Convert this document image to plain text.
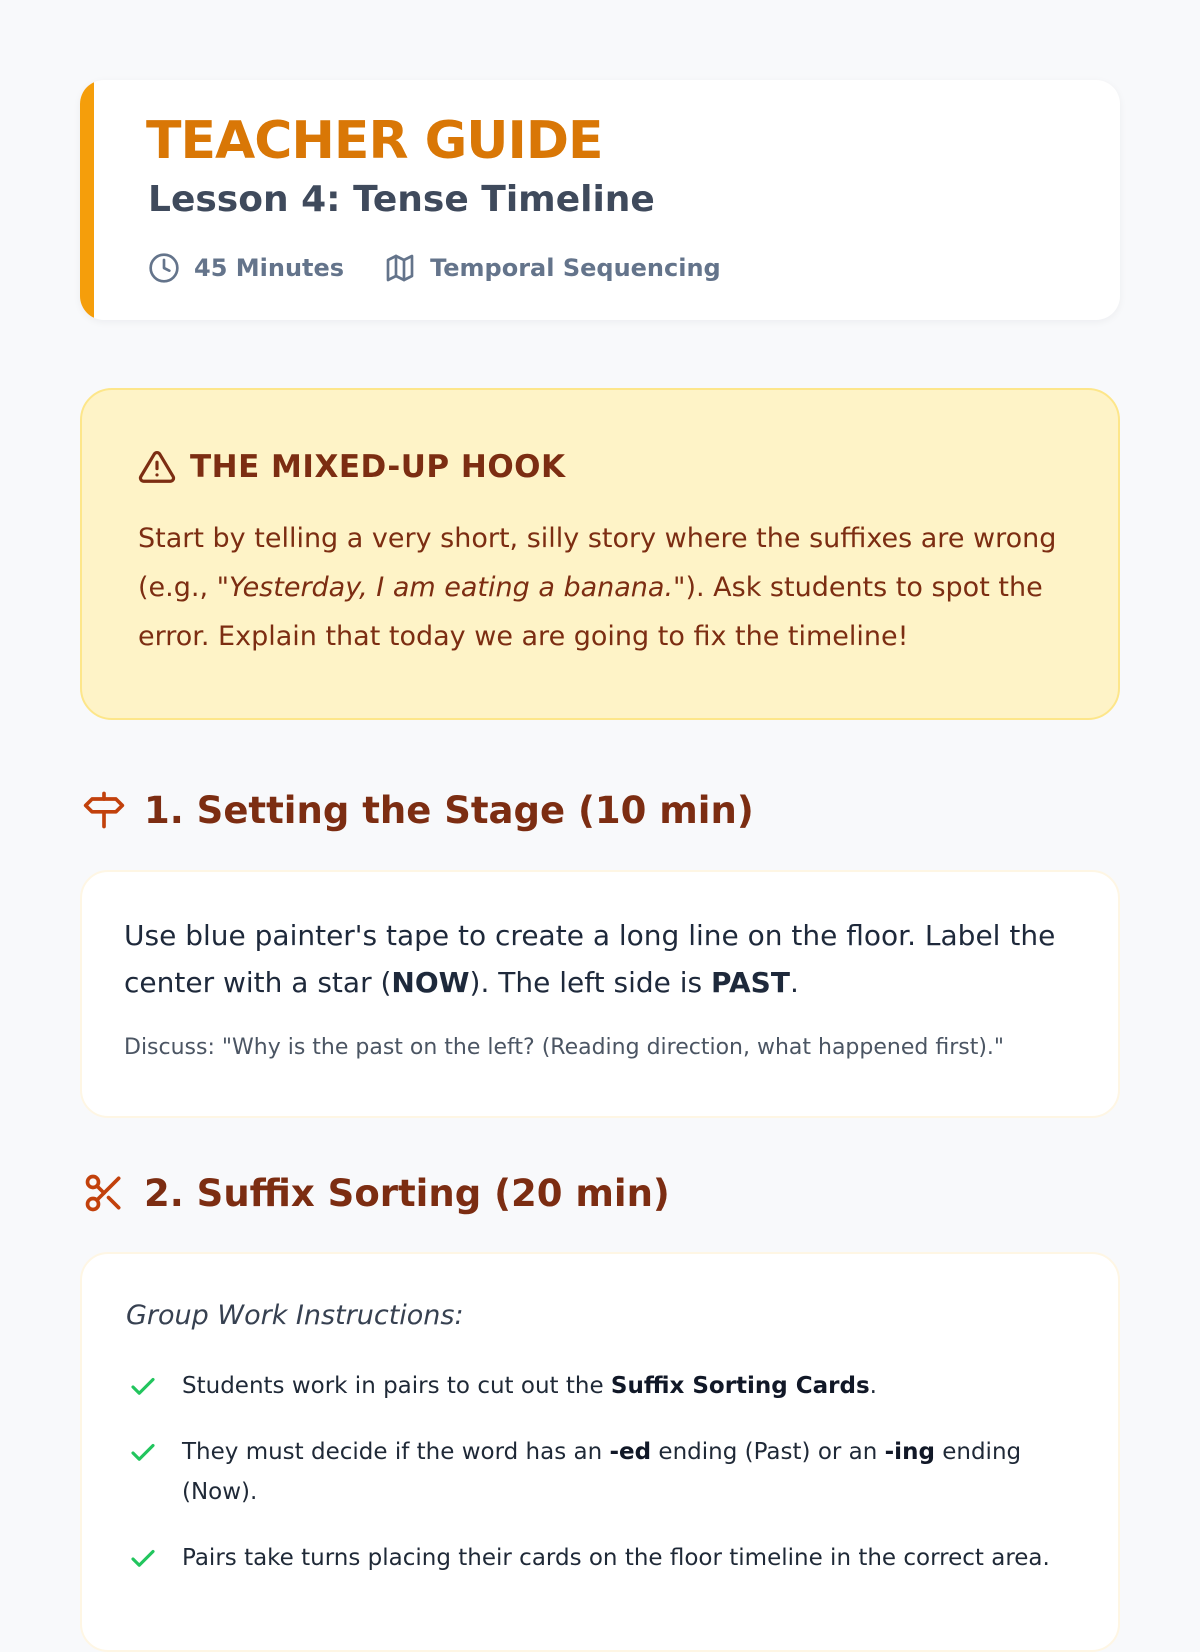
TEACHER GUIDE
Lesson 4: Tense Timeline
45 Minutes	Temporal Sequencing
THE MIXED-UP HOOK

Start by telling a very short, silly story where the suffixes are wrong (e.g., "Yesterday, I am eating a banana."). Ask students to spot the error. Explain that today we are going to fix the timeline!

1. Setting the Stage (10 min)

Use blue painter's tape to create a long line on the floor. Label the center with a star (NOW). The left side is PAST.

Discuss: "Why is the past on the left? (Reading direction, what happened first)."

2. Suffix Sorting (20 min)

Group Work Instructions:

Students work in pairs to cut out the Suffix Sorting Cards.
They must decide if the word has an -ed ending (Past) or an -ing ending (Now).
Pairs take turns placing their cards on the floor timeline in the correct area.
